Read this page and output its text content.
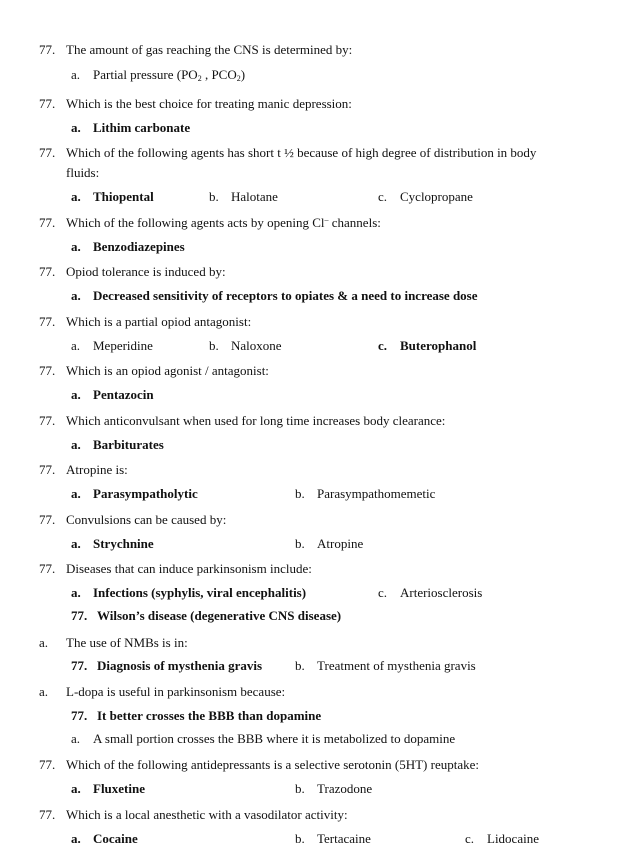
77. The amount of gas reaching the CNS is determined by:
a. Partial pressure ($PO_2$ , $PCO_2$)
77. Which is the best choice for treating manic depression:
a. Lithim carbonate
77. Which of the following agents has short t ½ because of high degree of distribution in body
fluids:
a. Thiopental	b. Halotane	c. Cyclopropane
77. Which of the following agents acts by opening Cl– channels:
a. Benzodiazepines
77. Opiod tolerance is induced by:
a. Decreased sensitivity of receptors to opiates & a need to increase dose
77. Which is a partial opiod antagonist:
a. Meperidine	b. Naloxone	c. Buterophanol
77. Which is an opiod agonist / antagonist:
a. Pentazocin
77. Which anticonvulsant when used for long time increases body clearance:
a. Barbiturates
77. Atropine is:
a. Parasympatholytic	b. Parasympathomemetic
77. Convulsions can be caused by:
a. Strychnine	b. Atropine
77. Diseases that can induce parkinsonism include:
a. Infections (syphylis, viral encephalitis)	c. Arteriosclerosis
77. Wilson’s disease (degenerative CNS disease)
a. The use of NMBs is in:
77. Diagnosis of mysthenia gravis	b. Treatment of mysthenia gravis
a. L-dopa is useful in parkinsonism because:
77. It better crosses the BBB than dopamine
a. A small portion crosses the BBB where it is metabolized to dopamine
77. Which of the following antidepressants is a selective serotonin (5HT) reuptake:
a. Fluxetine	b. Trazodone
77. Which is a local anesthetic with a vasodilator activity:
a. Cocaine	b. Tertacaine	c. Lidocaine
